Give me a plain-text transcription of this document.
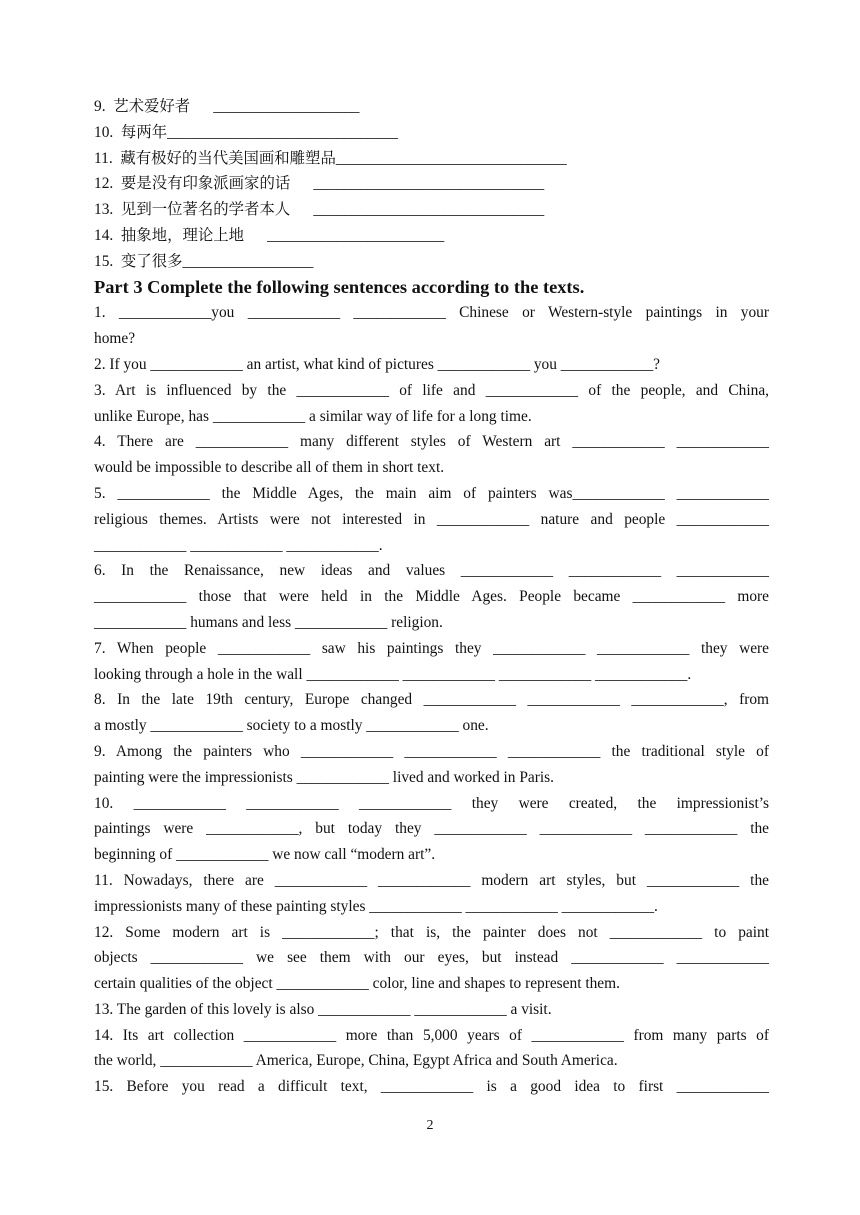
9.  艺术爱好者      ___________________
10.  每两年______________________________
11.  藏有极好的当代美国画和雕塑品______________________________
12.  要是没有印象派画家的话      ______________________________
13.  见到一位著名的学者本人      ______________________________
14.  抽象地，理论上地      _______________________
15.  变了很多_________________
Part 3 Complete the following sentences according to the texts.
1. ____________you ____________ ____________ Chinese or Western-style paintings in your
home?
2. If you ____________ an artist, what kind of pictures ____________ you ____________?
3. Art is influenced by the ____________ of life and ____________ of the people, and China,
unlike Europe, has ____________ a similar way of life for a long time.
4. There are ____________ many different styles of Western art ____________ ____________
would be impossible to describe all of them in short text.
5. ____________ the Middle Ages, the main aim of painters was____________ ____________
religious themes. Artists were not interested in ____________ nature and people ____________
____________ ____________ ____________.
6. In the Renaissance, new ideas and values ____________ ____________ ____________
____________ those that were held in the Middle Ages. People became ____________ more
____________ humans and less ____________ religion.
7. When people ____________ saw his paintings they ____________ ____________ they were
looking through a hole in the wall ____________ ____________ ____________ ____________.
8. In the late 19th century, Europe changed ____________ ____________ ____________, from
a mostly ____________ society to a mostly ____________ one.
9. Among the painters who ____________ ____________ ____________ the traditional style of
painting were the impressionists ____________ lived and worked in Paris.
10. ____________ ____________ ____________ they were created, the impressionist’s
paintings were ____________, but today they ____________ ____________ ____________ the
beginning of ____________ we now call “modern art”.
11. Nowadays, there are ____________ ____________ modern art styles, but ____________ the
impressionists many of these painting styles ____________ ____________ ____________.
12. Some modern art is ____________; that is, the painter does not ____________ to paint
objects ____________ we see them with our eyes, but instead ____________ ____________
certain qualities of the object ____________ color, line and shapes to represent them.
13. The garden of this lovely is also ____________ ____________ a visit.
14. Its art collection ____________ more than 5,000 years of ____________ from many parts of
the world, ____________ America, Europe, China, Egypt Africa and South America.
15. Before you read a difficult text, ____________ is a good idea to first ____________
2
